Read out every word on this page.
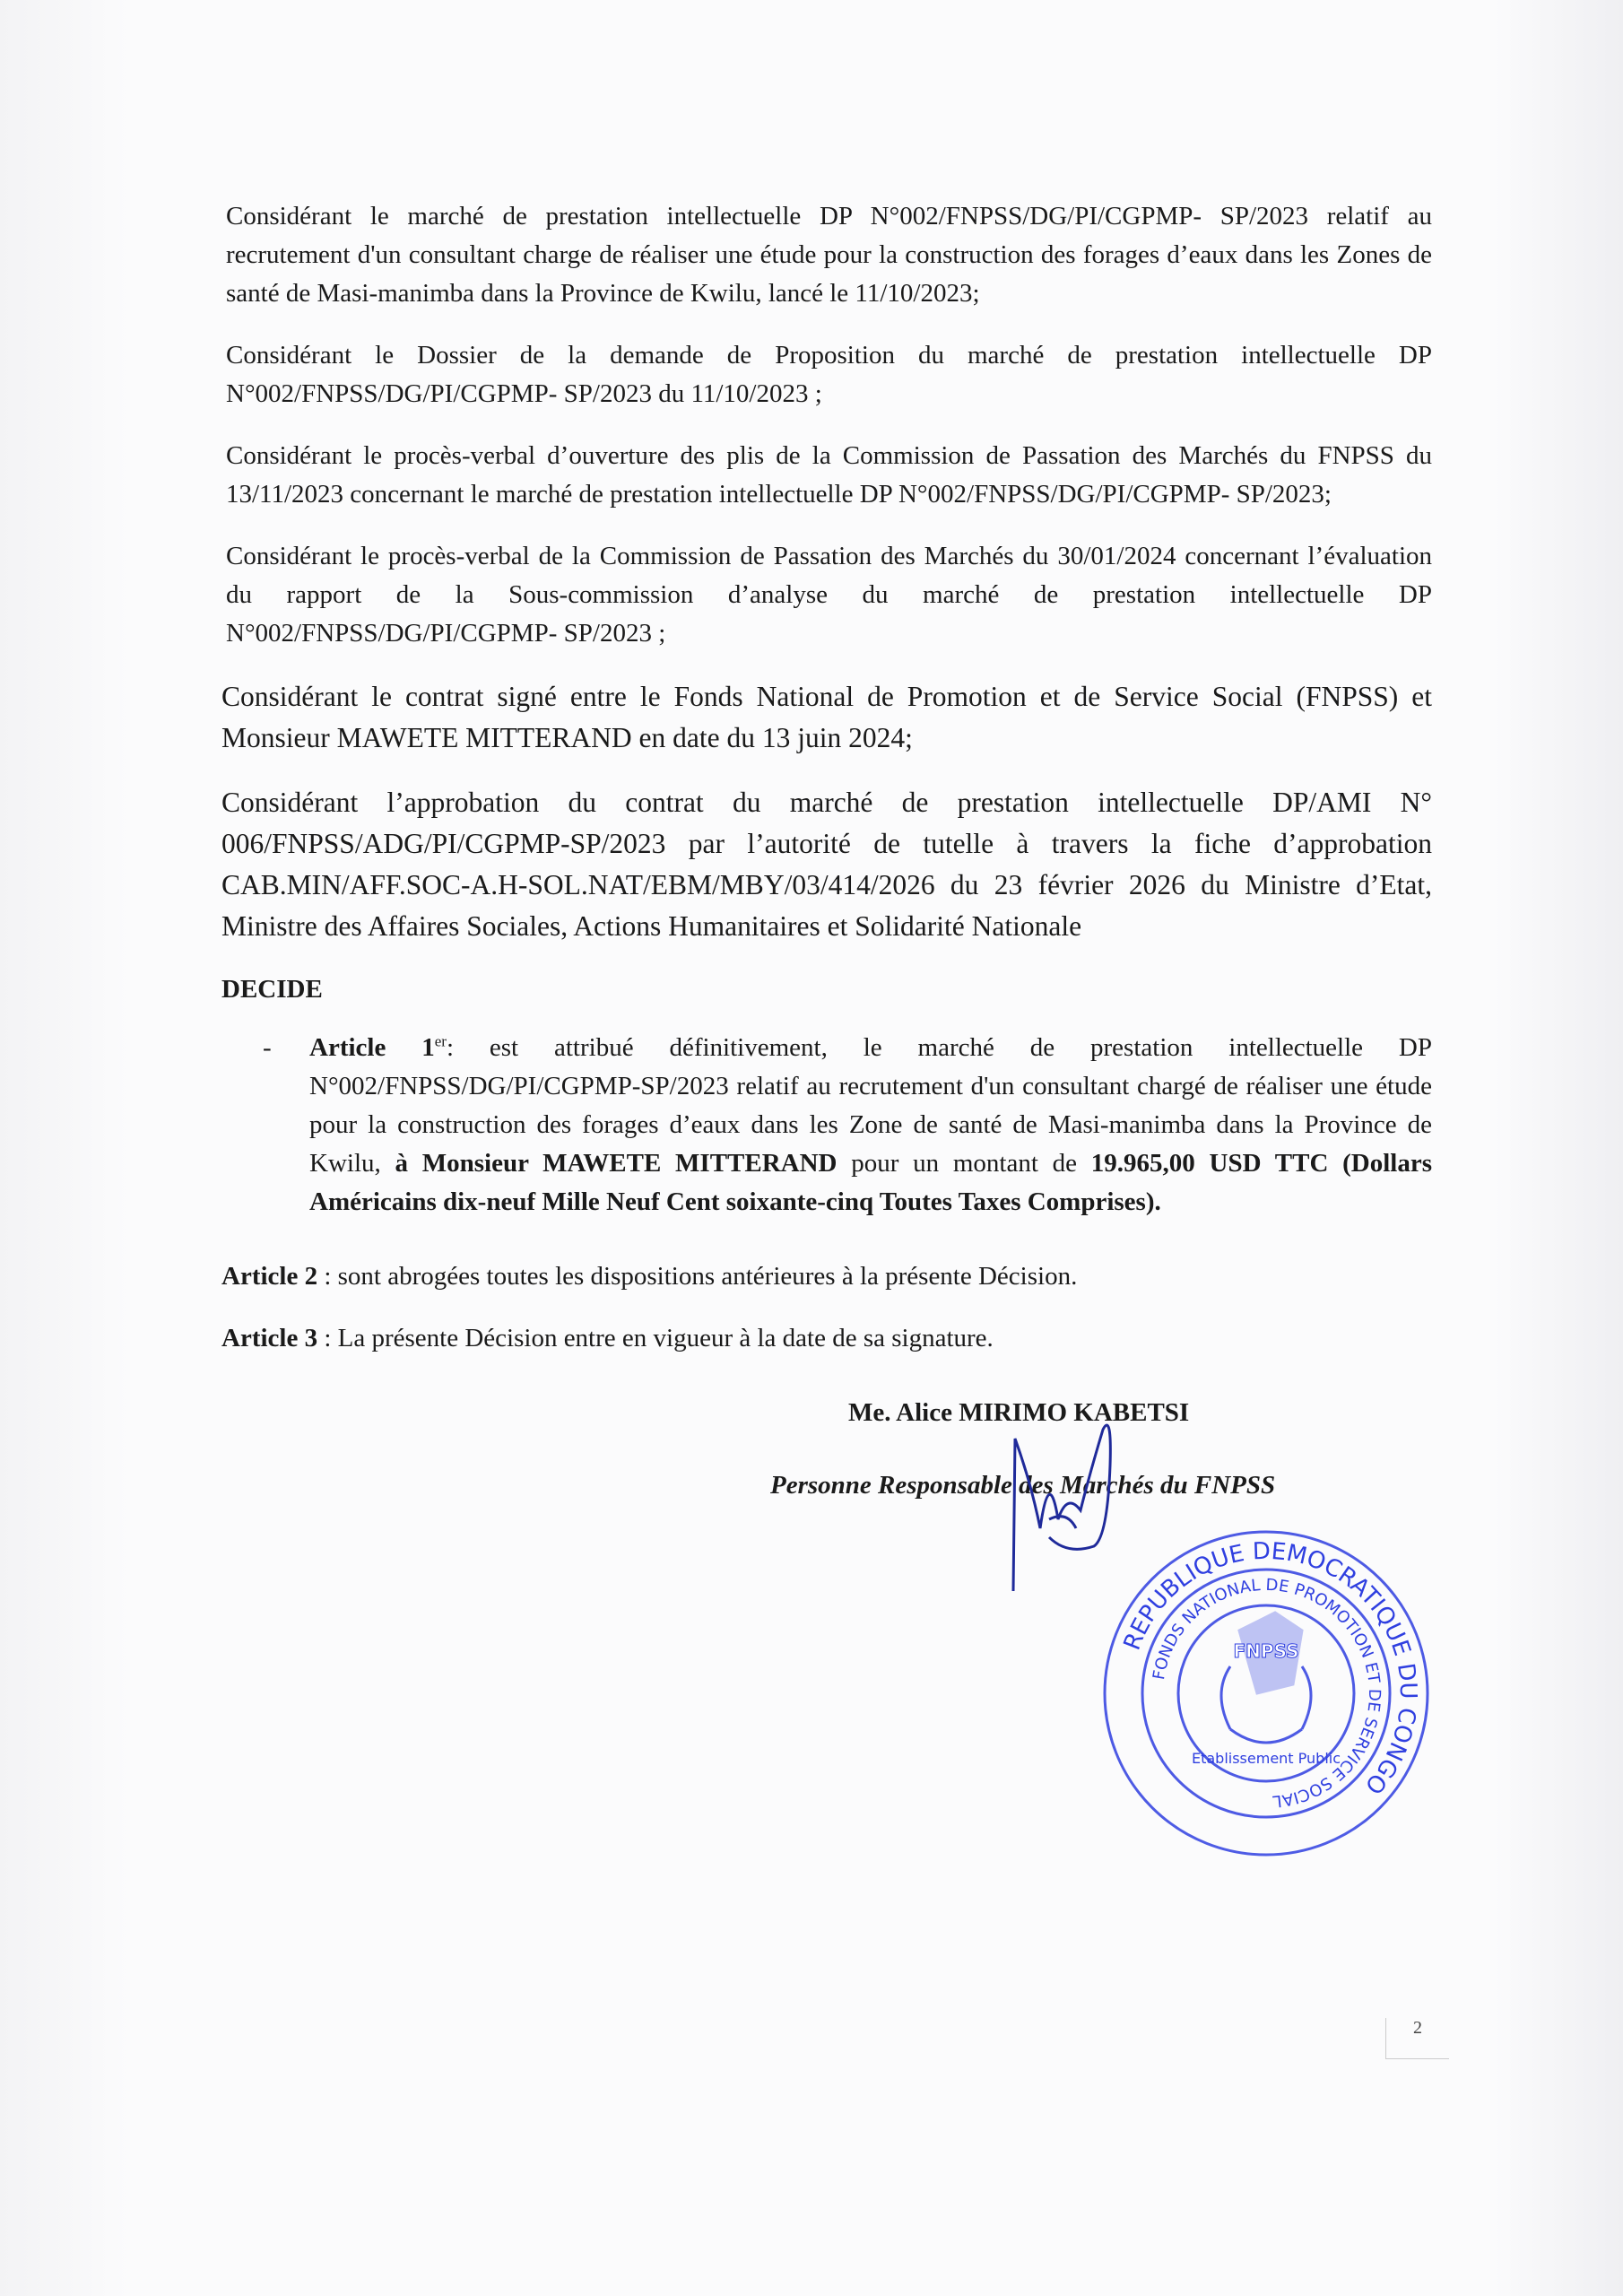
Considérant le marché de prestation intellectuelle DP N°002/FNPSS/DG/PI/CGPMP- SP/2023 relatif au recrutement d'un consultant charge de réaliser une étude pour la construction des forages d’eaux dans les Zones de santé de Masi-manimba dans la Province de Kwilu, lancé le 11/10/2023;

Considérant le Dossier de la demande de Proposition du marché de prestation intellectuelle DP N°002/FNPSS/DG/PI/CGPMP- SP/2023 du 11/10/2023 ;

Considérant le procès-verbal d’ouverture des plis de la Commission de Passation des Marchés du FNPSS du 13/11/2023 concernant le marché de prestation intellectuelle DP N°002/FNPSS/DG/PI/CGPMP- SP/2023;

Considérant le procès-verbal de la Commission de Passation des Marchés du 30/01/2024 concernant l’évaluation du rapport de la Sous-commission d’analyse du marché de prestation intellectuelle DP N°002/FNPSS/DG/PI/CGPMP- SP/2023 ;

Considérant le contrat signé entre le Fonds National de Promotion et de Service Social (FNPSS) et Monsieur MAWETE MITTERAND en date du 13 juin 2024;

Considérant l’approbation du contrat du marché de prestation intellectuelle DP/AMI N° 006/FNPSS/ADG/PI/CGPMP-SP/2023 par l’autorité de tutelle à travers la fiche d’approbation CAB.MIN/AFF.SOC-A.H-SOL.NAT/EBM/MBY/03/414/2026 du 23 février 2026 du Ministre d’Etat, Ministre des Affaires Sociales, Actions Humanitaires et Solidarité Nationale

DECIDE
- Article 1er: est attribué définitivement, le marché de prestation intellectuelle DP N°002/FNPSS/DG/PI/CGPMP-SP/2023 relatif au recrutement d'un consultant chargé de réaliser une étude pour la construction des forages d’eaux dans les Zone de santé de Masi-manimba dans la Province de Kwilu, à Monsieur MAWETE MITTERAND pour un montant de 19.965,00 USD TTC (Dollars Américains dix-neuf Mille Neuf Cent soixante-cinq Toutes Taxes Comprises).
Article 2 : sont abrogées toutes les dispositions antérieures à la présente Décision.
Article 3 : La présente Décision entre en vigueur à la date de sa signature.
Me. Alice MIRIMO KABETSI
Personne Responsable des Marchés du FNPSS
REPUBLIQUE DEMOCRATIQUE DU CONGO
FONDS NATIONAL DE PROMOTION ET DE SERVICE SOCIAL
FNPSS
Etablissement Public
2
